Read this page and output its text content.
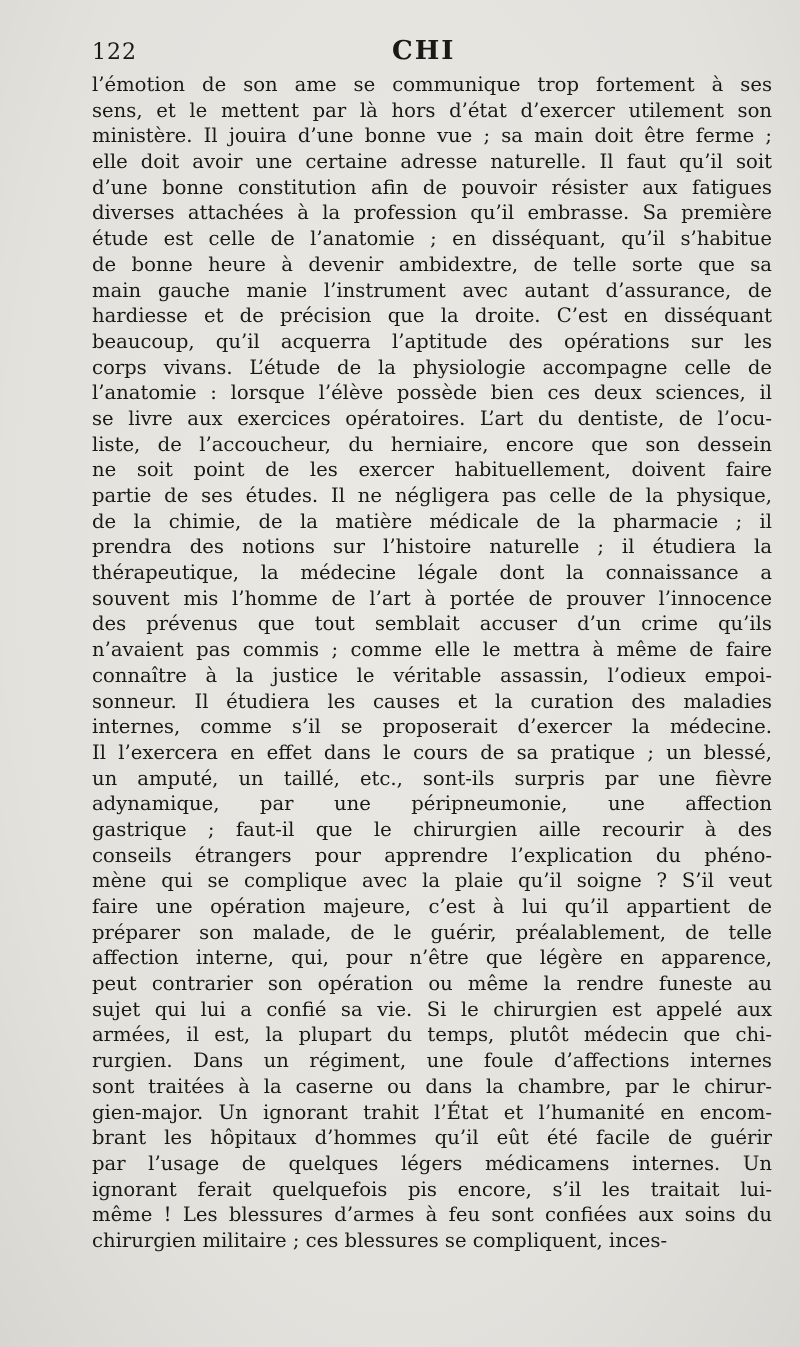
122	CHI
l’émotion de son ame se communique trop fortement à ses
sens, et le mettent par là hors d’état d’exercer utilement son
ministère. Il jouira d’une bonne vue ; sa main doit être ferme ;
elle doit avoir une certaine adresse naturelle. Il faut qu’il soit
d’une bonne constitution afin de pouvoir résister aux fatigues
diverses attachées à la profession qu’il embrasse. Sa première
étude est celle de l’anatomie ; en disséquant, qu’il s’habitue
de bonne heure à devenir ambidextre, de telle sorte que sa
main gauche manie l’instrument avec autant d’assurance, de
hardiesse et de précision que la droite. C’est en disséquant
beaucoup, qu’il acquerra l’aptitude des opérations sur les
corps vivans. L’étude de la physiologie accompagne celle de
l’anatomie : lorsque l’élève possède bien ces deux sciences, il
se livre aux exercices opératoires. L’art du dentiste, de l’ocu-
liste, de l’accoucheur, du herniaire, encore que son dessein
ne soit point de les exercer habituellement, doivent faire
partie de ses études. Il ne négligera pas celle de la physique,
de la chimie, de la matière médicale de la pharmacie ; il
prendra des notions sur l’histoire naturelle ; il étudiera la
thérapeutique, la médecine légale dont la connaissance a
souvent mis l’homme de l’art à portée de prouver l’innocence
des prévenus que tout semblait accuser d’un crime qu’ils
n’avaient pas commis ; comme elle le mettra à même de faire
connaître à la justice le véritable assassin, l’odieux empoi-
sonneur. Il étudiera les causes et la curation des maladies
internes, comme s’il se proposerait d’exercer la médecine.
Il l’exercera en effet dans le cours de sa pratique ; un blessé,
un amputé, un taillé, etc., sont-ils surpris par une fièvre
adynamique, par une péripneumonie, une affection
gastrique ; faut-il que le chirurgien aille recourir à des
conseils étrangers pour apprendre l’explication du phéno-
mène qui se complique avec la plaie qu’il soigne ? S’il veut
faire une opération majeure, c’est à lui qu’il appartient de
préparer son malade, de le guérir, préalablement, de telle
affection interne, qui, pour n’être que légère en apparence,
peut contrarier son opération ou même la rendre funeste au
sujet qui lui a confié sa vie. Si le chirurgien est appelé aux
armées, il est, la plupart du temps, plutôt médecin que chi-
rurgien. Dans un régiment, une foule d’affections internes
sont traitées à la caserne ou dans la chambre, par le chirur-
gien-major. Un ignorant trahit l’État et l’humanité en encom-
brant les hôpitaux d’hommes qu’il eût été facile de guérir
par l’usage de quelques légers médicamens internes. Un
ignorant ferait quelquefois pis encore, s’il les traitait lui-
même ! Les blessures d’armes à feu sont confiées aux soins du
chirurgien militaire ; ces blessures se compliquent, inces-
